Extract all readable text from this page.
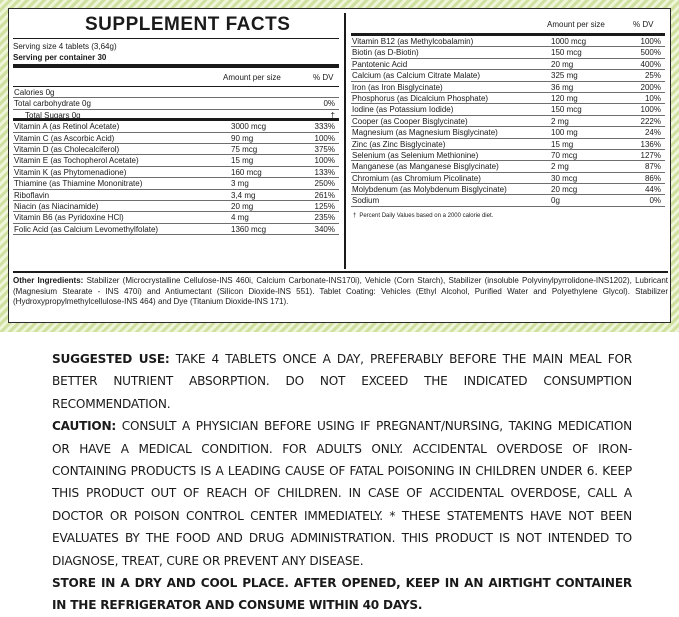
SUPPLEMENT FACTS
Serving size 4 tablets (3,64g)
Serving per container 30
Amount per size	% DV
Calories 0g
Total carbohydrate 0g	0%
Total Sugars 0g	†
Vitamin A (as Retinol Acetate)	3000 mcg	333%
Vitamin C (as Ascorbic Acid)	90 mg	100%
Vitamin D (as Cholecalciferol)	75 mcg	375%
Vitamin E (as Tochopherol Acetate)	15 mg	100%
Vitamin K (as Phytomenadione)	160 mcg	133%
Thiamine (as Thiamine Mononitrate)	3 mg	250%
Riboflavin	3,4 mg	261%
Niacin (as Niacinamide)	20 mg	125%
Vitamin B6 (as Pyridoxine HCl)	4 mg	235%
Folic Acid (as Calcium Levomethylfolate)	1360 mcg	340%
Amount per size	% DV
Vitamin B12 (as Methylcobalamin)	1000 mcg	100%
Biotin (as D-Biotin)	150 mcg	500%
Pantotenic Acid	20 mg	400%
Calcium (as Calcium Citrate Malate)	325 mg	25%
Iron (as Iron Bisglycinate)	36 mg	200%
Phosphorus (as Dicalcium Phosphate)	120 mg	10%
Iodine (as Potassium Iodide)	150 mcg	100%
Cooper (as Cooper Bisglycinate)	2 mg	222%
Magnesium (as Magnesium Bisglycinate)	100 mg	24%
Zinc (as Zinc Bisglycinate)	15 mg	136%
Selenium (as Selenium Methionine)	70 mcg	127%
Manganese (as Manganese Bisglycinate)	2 mg	87%
Chromium (as Chromium Picolinate)	30 mcg	86%
Molybdenum (as Molybdenum Bisglycinate)	20 mcg	44%
Sodium	0g	0%
† Percent Daily Values based on a 2000 calorie diet.
Other Ingredients: Stabilizer (Microcrystalline Cellulose-INS 460i, Calcium Carbonate-INS170i), Vehicle (Corn Starch), Stabilizer (insoluble Polyvinylpyrrolidone-INS1202), Lubricant (Magnesium Stearate - INS 470i) and Antiumectant (Silicon Dioxide-INS 551). Tablet Coating: Vehicles (Ethyl Alcohol, Purified Water and Polyethylene Glycol). Stabilizer (Hydroxypropylmethylcellulose-INS 464) and Dye (Titanium Dioxide-INS 171).

SUGGESTED USE: TAKE 4 TABLETS ONCE A DAY, PREFERABLY BEFORE THE MAIN MEAL FOR BETTER NUTRIENT ABSORPTION. DO NOT EXCEED THE INDICATED CONSUMPTION RECOMMENDATION.

CAUTION: CONSULT A PHYSICIAN BEFORE USING IF PREGNANT/NURSING, TAKING MEDICATION OR HAVE A MEDICAL CONDITION. FOR ADULTS ONLY. ACCIDENTAL OVERDOSE OF IRON-CONTAINING PRODUCTS IS A LEADING CAUSE OF FATAL POISONING IN CHILDREN UNDER 6. KEEP THIS PRODUCT OUT OF REACH OF CHILDREN. IN CASE OF ACCIDENTAL OVERDOSE, CALL A DOCTOR OR POISON CONTROL CENTER IMMEDIATELY. * THESE STATEMENTS HAVE NOT BEEN EVALUATES BY THE FOOD AND DRUG ADMINISTRATION. THIS PRODUCT IS NOT INTENDED TO DIAGNOSE, TREAT, CURE OR PREVENT ANY DISEASE.

STORE IN A DRY AND COOL PLACE. AFTER OPENED, KEEP IN AN AIRTIGHT CONTAINER IN THE REFRIGERATOR AND CONSUME WITHIN 40 DAYS.
